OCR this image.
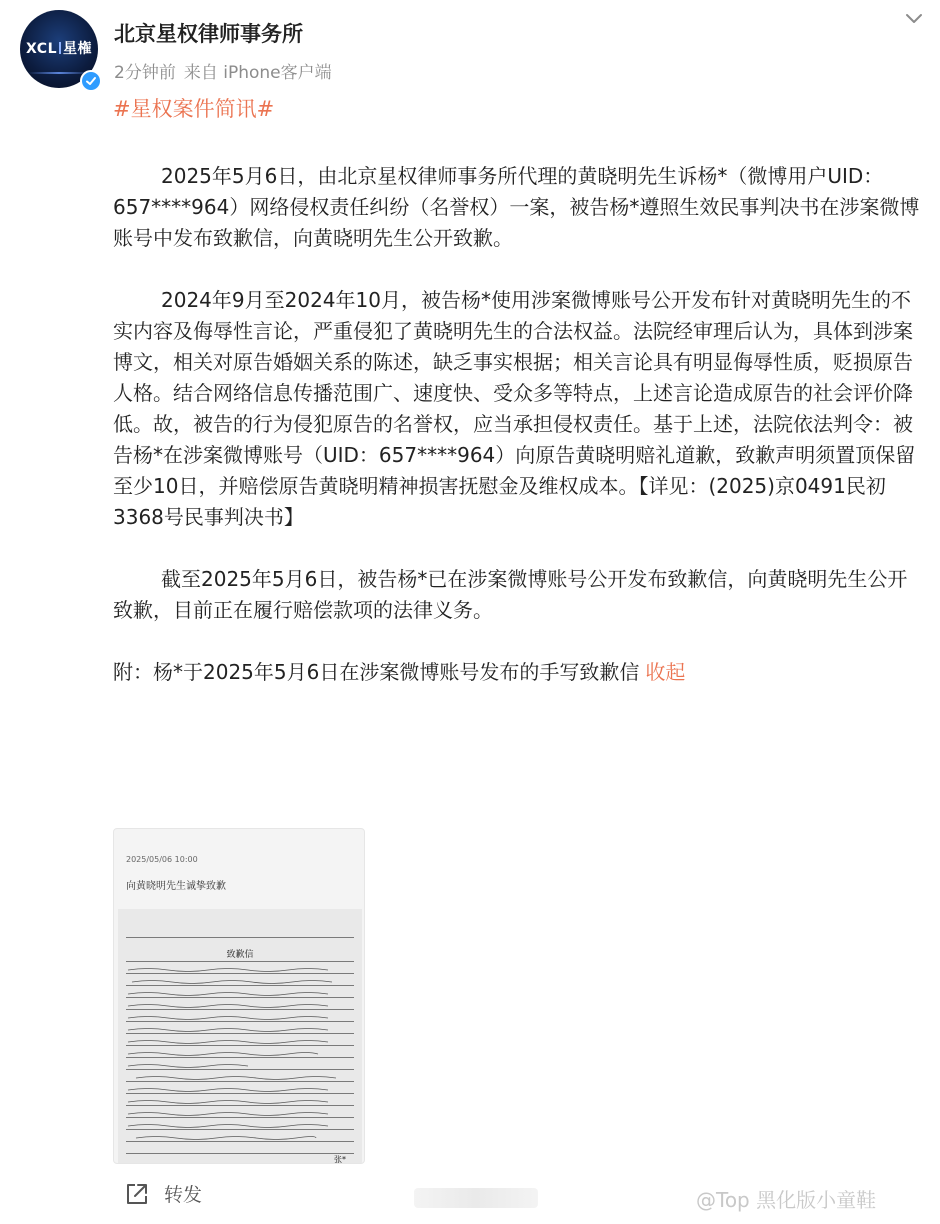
XCL 星権
北京星权律师事务所
2分钟前 来自 iPhone客户端
#星权案件简讯#

2025年5月6日，由北京星权律师事务所代理的黄晓明先生诉杨*（微博用户UID：657****964）网络侵权责任纠纷（名誉权）一案，被告杨*遵照生效民事判决书在涉案微博账号中发布致歉信，向黄晓明先生公开致歉。

2024年9月至2024年10月，被告杨*使用涉案微博账号公开发布针对黄晓明先生的不实内容及侮辱性言论，严重侵犯了黄晓明先生的合法权益。法院经审理后认为，具体到涉案博文，相关对原告婚姻关系的陈述，缺乏事实根据；相关言论具有明显侮辱性质，贬损原告人格。结合网络信息传播范围广、速度快、受众多等特点，上述言论造成原告的社会评价降低。故，被告的行为侵犯原告的名誉权，应当承担侵权责任。基于上述，法院依法判令：被告杨*在涉案微博账号（UID：657****964）向原告黄晓明赔礼道歉，致歉声明须置顶保留至少10日，并赔偿原告黄晓明精神损害抚慰金及维权成本。【详见：(2025)京0491民初3368号民事判决书】

截至2025年5月6日，被告杨*已在涉案微博账号公开发布致歉信，向黄晓明先生公开致歉，目前正在履行赔偿款项的法律义务。

附：杨*于2025年5月6日在涉案微博账号发布的手写致歉信 收起

2025/05/06 10:00
向黄晓明先生诚挚致歉
致歉信
张*
转发	@Top 黑化版小童鞋
